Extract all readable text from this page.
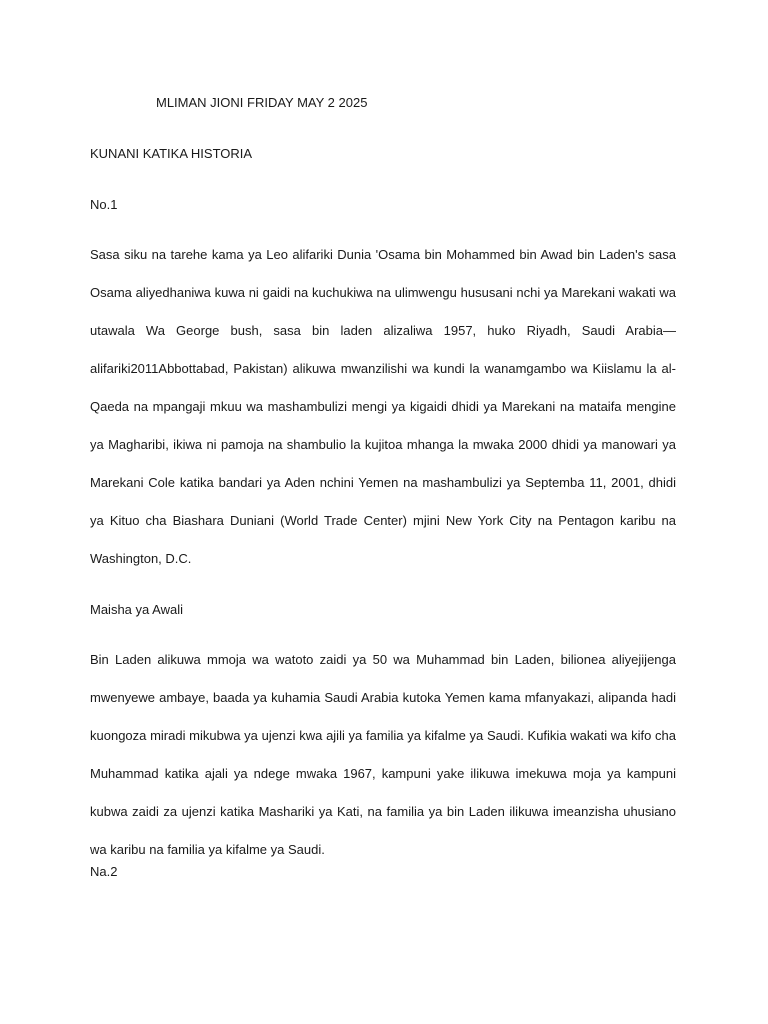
MLIMAN JIONI FRIDAY MAY 2 2025

KUNANI KATIKA HISTORIA

No.1

Sasa siku na tarehe kama ya Leo alifariki Dunia 'Osama bin Mohammed bin Awad bin Laden's sasa Osama aliyedhaniwa kuwa ni gaidi na kuchukiwa na ulimwengu hususani nchi ya Marekani wakati wa utawala Wa George bush, sasa bin laden alizaliwa 1957, huko Riyadh, Saudi Arabia— alifariki2011Abbottabad, Pakistan) alikuwa mwanzilishi wa kundi la wanamgambo wa Kiislamu la al-Qaeda na mpangaji mkuu wa mashambulizi mengi ya kigaidi dhidi ya Marekani na mataifa mengine ya Magharibi, ikiwa ni pamoja na shambulio la kujitoa mhanga la mwaka 2000 dhidi ya manowari ya Marekani Cole katika bandari ya Aden nchini Yemen na mashambulizi ya Septemba 11, 2001, dhidi ya Kituo cha Biashara Duniani (World Trade Center) mjini New York City na Pentagon karibu na Washington, D.C.

Maisha ya Awali

Bin Laden alikuwa mmoja wa watoto zaidi ya 50 wa Muhammad bin Laden, bilionea aliyejijenga mwenyewe ambaye, baada ya kuhamia Saudi Arabia kutoka Yemen kama mfanyakazi, alipanda hadi kuongoza miradi mikubwa ya ujenzi kwa ajili ya familia ya kifalme ya Saudi. Kufikia wakati wa kifo cha Muhammad katika ajali ya ndege mwaka 1967, kampuni yake ilikuwa imekuwa moja ya kampuni kubwa zaidi za ujenzi katika Mashariki ya Kati, na familia ya bin Laden ilikuwa imeanzisha uhusiano wa karibu na familia ya kifalme ya Saudi.

Na.2
